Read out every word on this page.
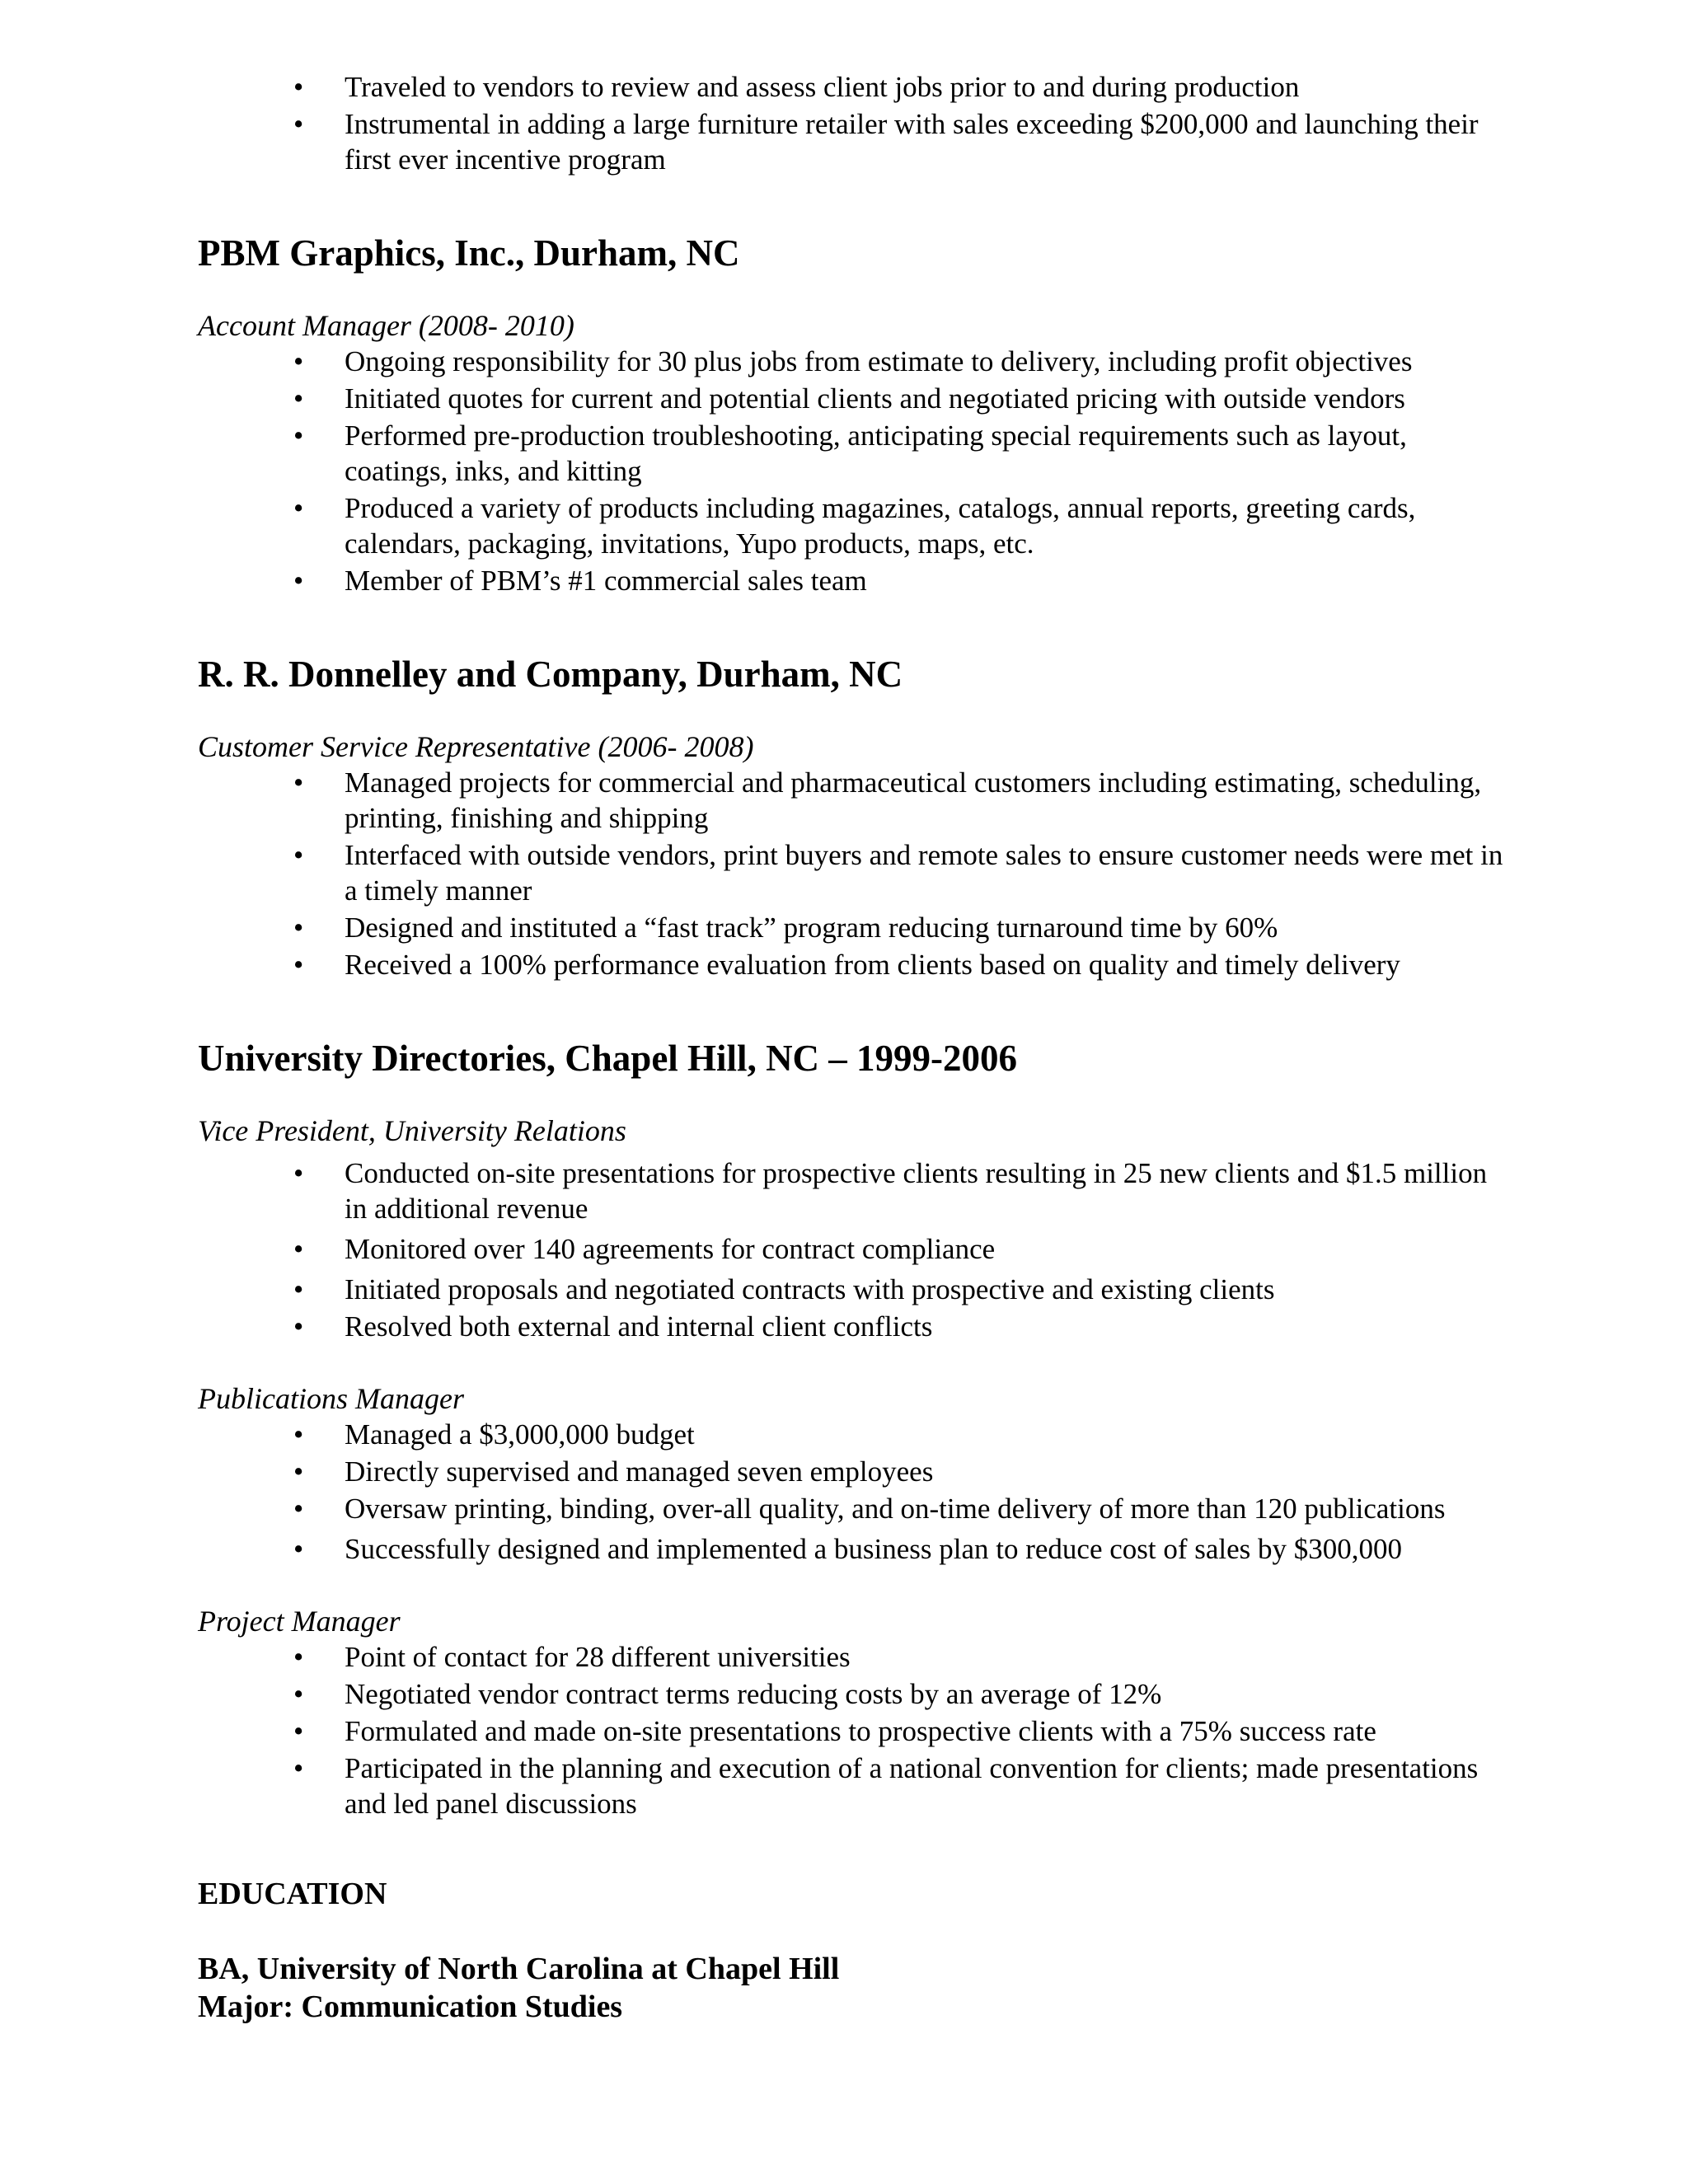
• Traveled to vendors to review and assess client jobs prior to and during production
• Instrumental in adding a large furniture retailer with sales exceeding $200,000 and launching their first ever incentive program
PBM Graphics, Inc., Durham, NC

Account Manager (2008- 2010)

• Ongoing responsibility for 30 plus jobs from estimate to delivery, including profit objectives
• Initiated quotes for current and potential clients and negotiated pricing with outside vendors
• Performed pre-production troubleshooting, anticipating special requirements such as layout, coatings, inks, and kitting
• Produced a variety of products including magazines, catalogs, annual reports, greeting cards, calendars, packaging, invitations, Yupo products, maps, etc.
• Member of PBM’s #1 commercial sales team
R. R. Donnelley and Company, Durham, NC

Customer Service Representative (2006- 2008)

• Managed projects for commercial and pharmaceutical customers including estimating, scheduling, printing, finishing and shipping
• Interfaced with outside vendors, print buyers and remote sales to ensure customer needs were met in a timely manner
• Designed and instituted a “fast track” program reducing turnaround time by 60%
• Received a 100% performance evaluation from clients based on quality and timely delivery
University Directories, Chapel Hill, NC – 1999-2006

Vice President, University Relations

• Conducted on-site presentations for prospective clients resulting in 25 new clients and $1.5 million in additional revenue
• Monitored over 140 agreements for contract compliance
• Initiated proposals and negotiated contracts with prospective and existing clients
• Resolved both external and internal client conflicts

Publications Manager

• Managed a $3,000,000 budget
• Directly supervised and managed seven employees
• Oversaw printing, binding, over-all quality, and on-time delivery of more than 120 publications
• Successfully designed and implemented a business plan to reduce cost of sales by $300,000

Project Manager

• Point of contact for 28 different universities
• Negotiated vendor contract terms reducing costs by an average of 12%
• Formulated and made on-site presentations to prospective clients with a 75% success rate
• Participated in the planning and execution of a national convention for clients; made presentations and led panel discussions
EDUCATION

BA, University of North Carolina at Chapel Hill

Major: Communication Studies
